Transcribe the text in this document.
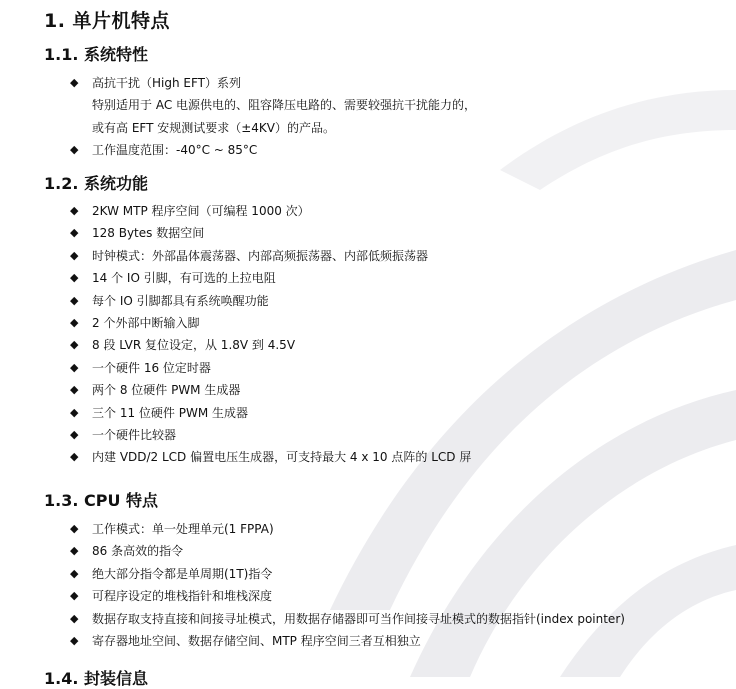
1. 单片机特点
1.1. 系统特性
◆ 高抗干扰（High EFT）系列
特别适用于 AC 电源供电的、阻容降压电路的、需要较强抗干扰能力的，
或有高 EFT 安规测试要求（±4KV）的产品。
◆ 工作温度范围：-40°C ~ 85°C
1.2. 系统功能
◆ 2KW MTP 程序空间（可编程 1000 次）
◆ 128 Bytes 数据空间
◆ 时钟模式：外部晶体震荡器、内部高频振荡器、内部低频振荡器
◆ 14 个 IO 引脚，有可选的上拉电阻
◆ 每个 IO 引脚都具有系统唤醒功能
◆ 2 个外部中断输入脚
◆ 8 段 LVR 复位设定，从 1.8V 到 4.5V
◆ 一个硬件 16 位定时器
◆ 两个 8 位硬件 PWM 生成器
◆ 三个 11 位硬件 PWM 生成器
◆ 一个硬件比较器
◆ 内建 VDD/2 LCD 偏置电压生成器，可支持最大 4 x 10 点阵的 LCD 屏
1.3. CPU 特点
◆ 工作模式：单一处理单元(1 FPPA)
◆ 86 条高效的指令
◆ 绝大部分指令都是单周期(1T)指令
◆ 可程序设定的堆栈指针和堆栈深度
◆ 数据存取支持直接和间接寻址模式，用数据存储器即可当作间接寻址模式的数据指针(index pointer)
◆ 寄存器地址空间、数据存储空间、MTP 程序空间三者互相独立
1.4. 封装信息
